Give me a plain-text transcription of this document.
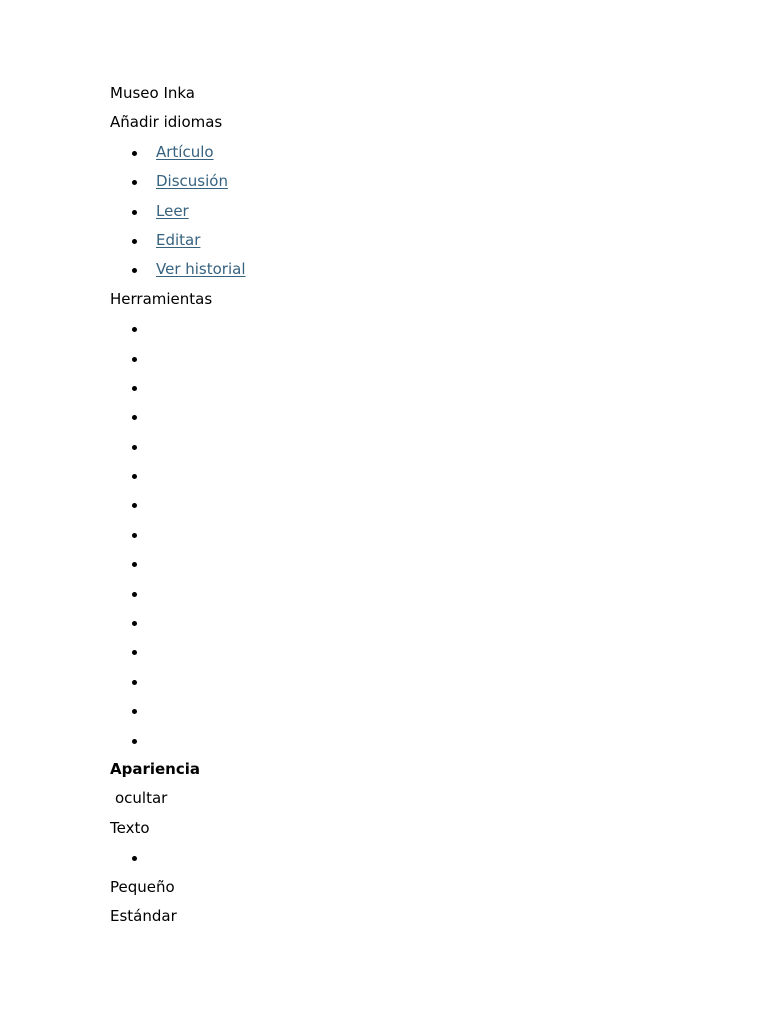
Museo Inka
Añadir idiomas
Artículo
Discusión
Leer
Editar
Ver historial
Herramientas
Apariencia
ocultar
Texto
Pequeño
Estándar
